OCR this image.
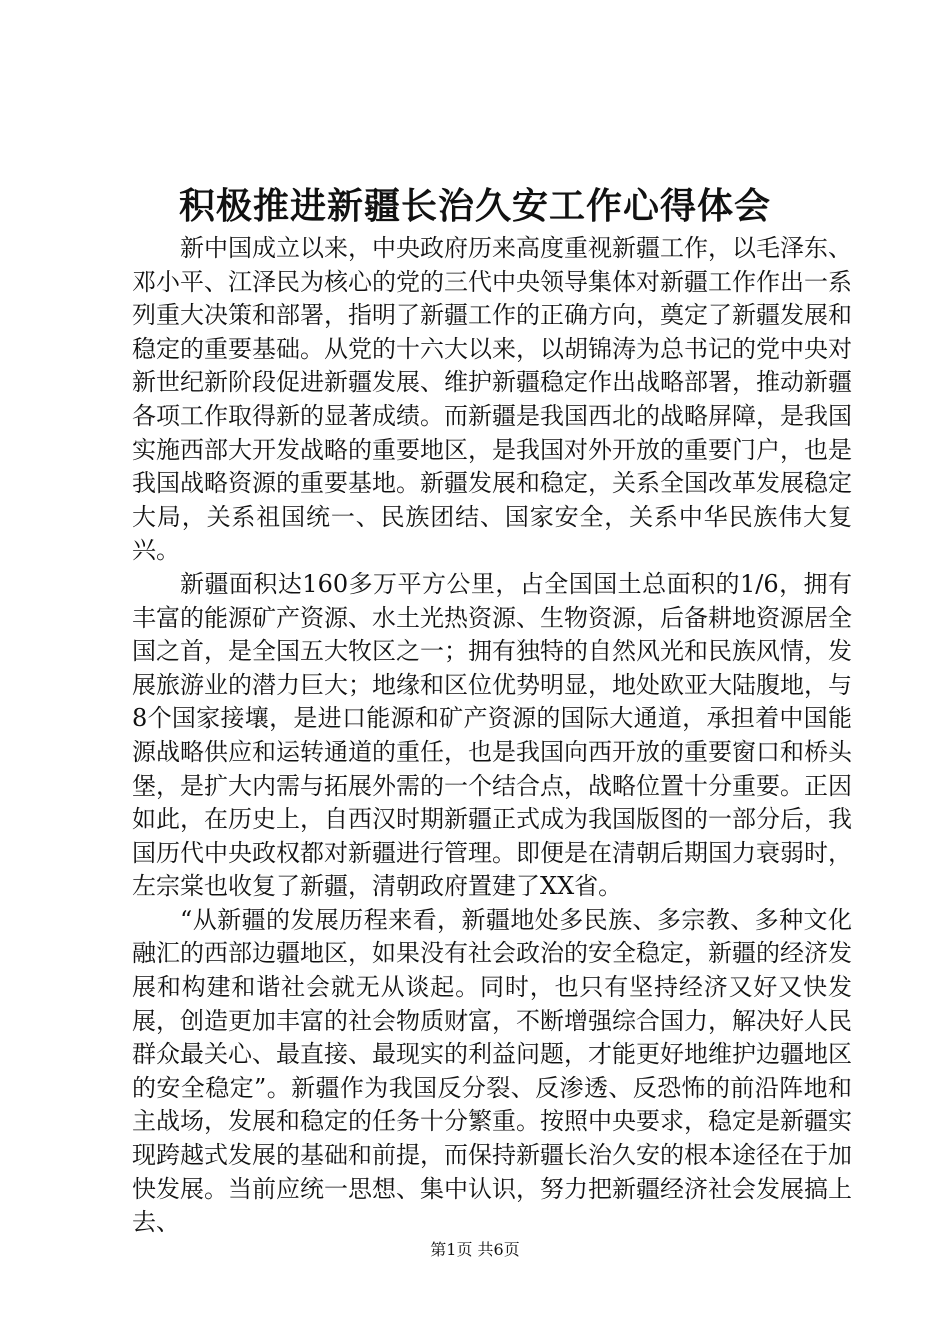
积极推进新疆长治久安工作心得体会

新中国成立以来，中央政府历来高度重视新疆工作，以毛泽东、邓小平、江泽民为核心的党的三代中央领导集体对新疆工作作出一系列重大决策和部署，指明了新疆工作的正确方向，奠定了新疆发展和稳定的重要基础。从党的十六大以来，以胡锦涛为总书记的党中央对新世纪新阶段促进新疆发展、维护新疆稳定作出战略部署，推动新疆各项工作取得新的显著成绩。而新疆是我国西北的战略屏障，是我国实施西部大开发战略的重要地区，是我国对外开放的重要门户，也是我国战略资源的重要基地。新疆发展和稳定，关系全国改革发展稳定大局，关系祖国统一、民族团结、国家安全，关系中华民族伟大复兴。

新疆面积达160多万平方公里，占全国国土总面积的1/6，拥有丰富的能源矿产资源、水土光热资源、生物资源，后备耕地资源居全国之首，是全国五大牧区之一；拥有独特的自然风光和民族风情，发展旅游业的潜力巨大；地缘和区位优势明显，地处欧亚大陆腹地，与8个国家接壤，是进口能源和矿产资源的国际大通道，承担着中国能源战略供应和运转通道的重任，也是我国向西开放的重要窗口和桥头堡，是扩大内需与拓展外需的一个结合点，战略位置十分重要。正因如此，在历史上，自西汉时期新疆正式成为我国版图的一部分后，我国历代中央政权都对新疆进行管理。即便是在清朝后期国力衰弱时，左宗棠也收复了新疆，清朝政府置建了XX省。

“从新疆的发展历程来看，新疆地处多民族、多宗教、多种文化融汇的西部边疆地区，如果没有社会政治的安全稳定，新疆的经济发展和构建和谐社会就无从谈起。同时，也只有坚持经济又好又快发展，创造更加丰富的社会物质财富，不断增强综合国力，解决好人民群众最关心、最直接、最现实的利益问题，才能更好地维护边疆地区的安全稳定”。新疆作为我国反分裂、反渗透、反恐怖的前沿阵地和主战场，发展和稳定的任务十分繁重。按照中央要求，稳定是新疆实现跨越式发展的基础和前提，而保持新疆长治久安的根本途径在于加快发展。当前应统一思想、集中认识，努力把新疆经济社会发展搞上去、

第1页 共6页
